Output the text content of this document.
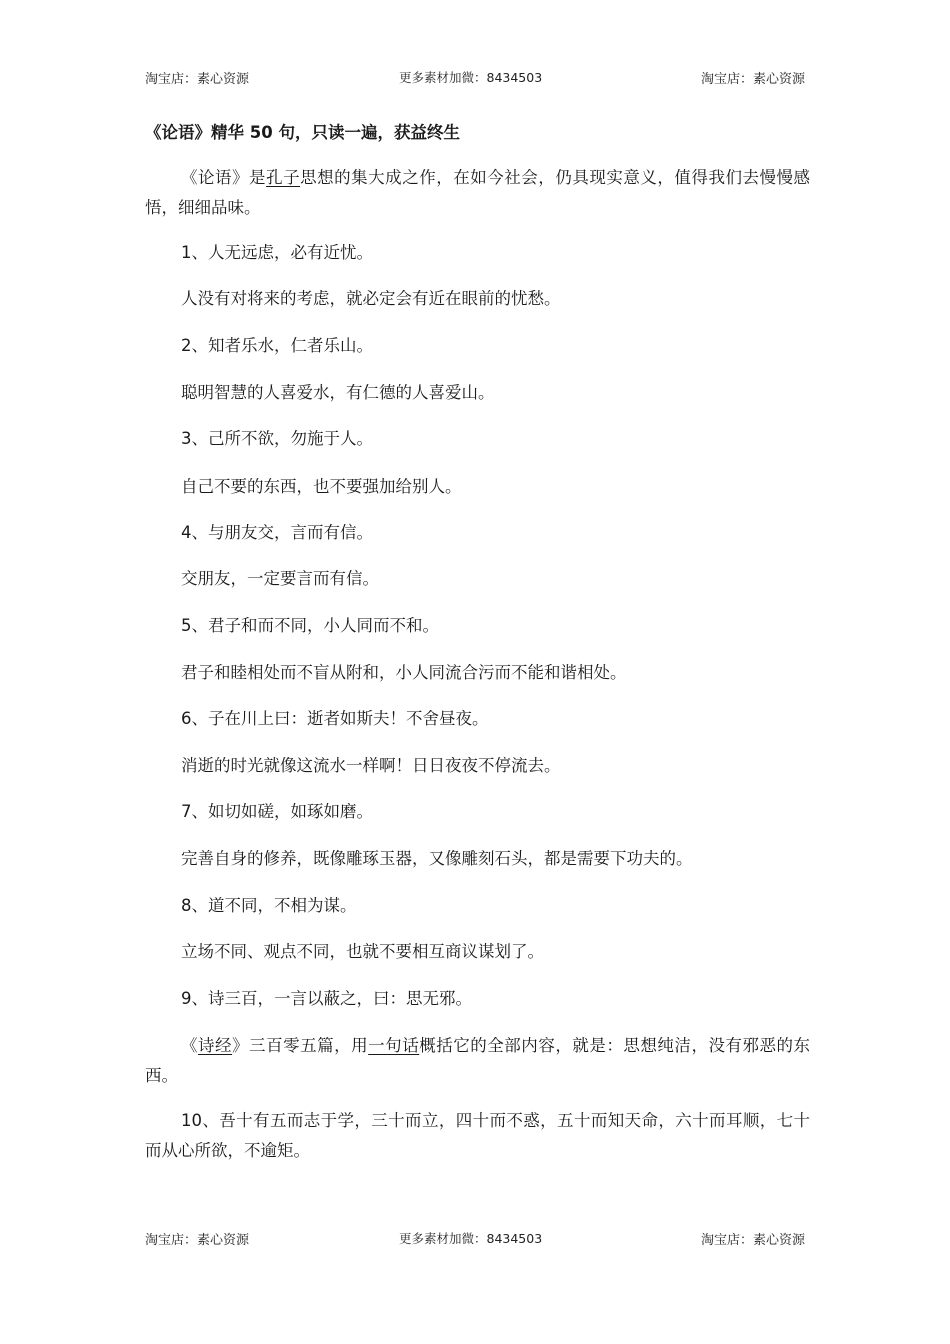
淘宝店：素心资源	更多素材加微：8434503	淘宝店：素心资源
《论语》精华 50 句，只读一遍，获益终生

《论语》是孔子思想的集大成之作，在如今社会，仍具现实意义，值得我们去慢慢感悟，细细品味。

1、人无远虑，必有近忧。

人没有对将来的考虑，就必定会有近在眼前的忧愁。

2、知者乐水，仁者乐山。

聪明智慧的人喜爱水，有仁德的人喜爱山。

3、己所不欲，勿施于人。

自己不要的东西，也不要强加给别人。

4、与朋友交，言而有信。

交朋友，一定要言而有信。

5、君子和而不同，小人同而不和。

君子和睦相处而不盲从附和，小人同流合污而不能和谐相处。

6、子在川上曰：逝者如斯夫！不舍昼夜。

消逝的时光就像这流水一样啊！日日夜夜不停流去。

7、如切如磋，如琢如磨。

完善自身的修养，既像雕琢玉器，又像雕刻石头，都是需要下功夫的。

8、道不同，不相为谋。

立场不同、观点不同，也就不要相互商议谋划了。

9、诗三百，一言以蔽之，曰：思无邪。

《诗经》三百零五篇，用一句话概括它的全部内容，就是：思想纯洁，没有邪恶的东西。

10、吾十有五而志于学，三十而立，四十而不惑，五十而知天命，六十而耳顺，七十而从心所欲，不逾矩。

淘宝店：素心资源	更多素材加微：8434503	淘宝店：素心资源
